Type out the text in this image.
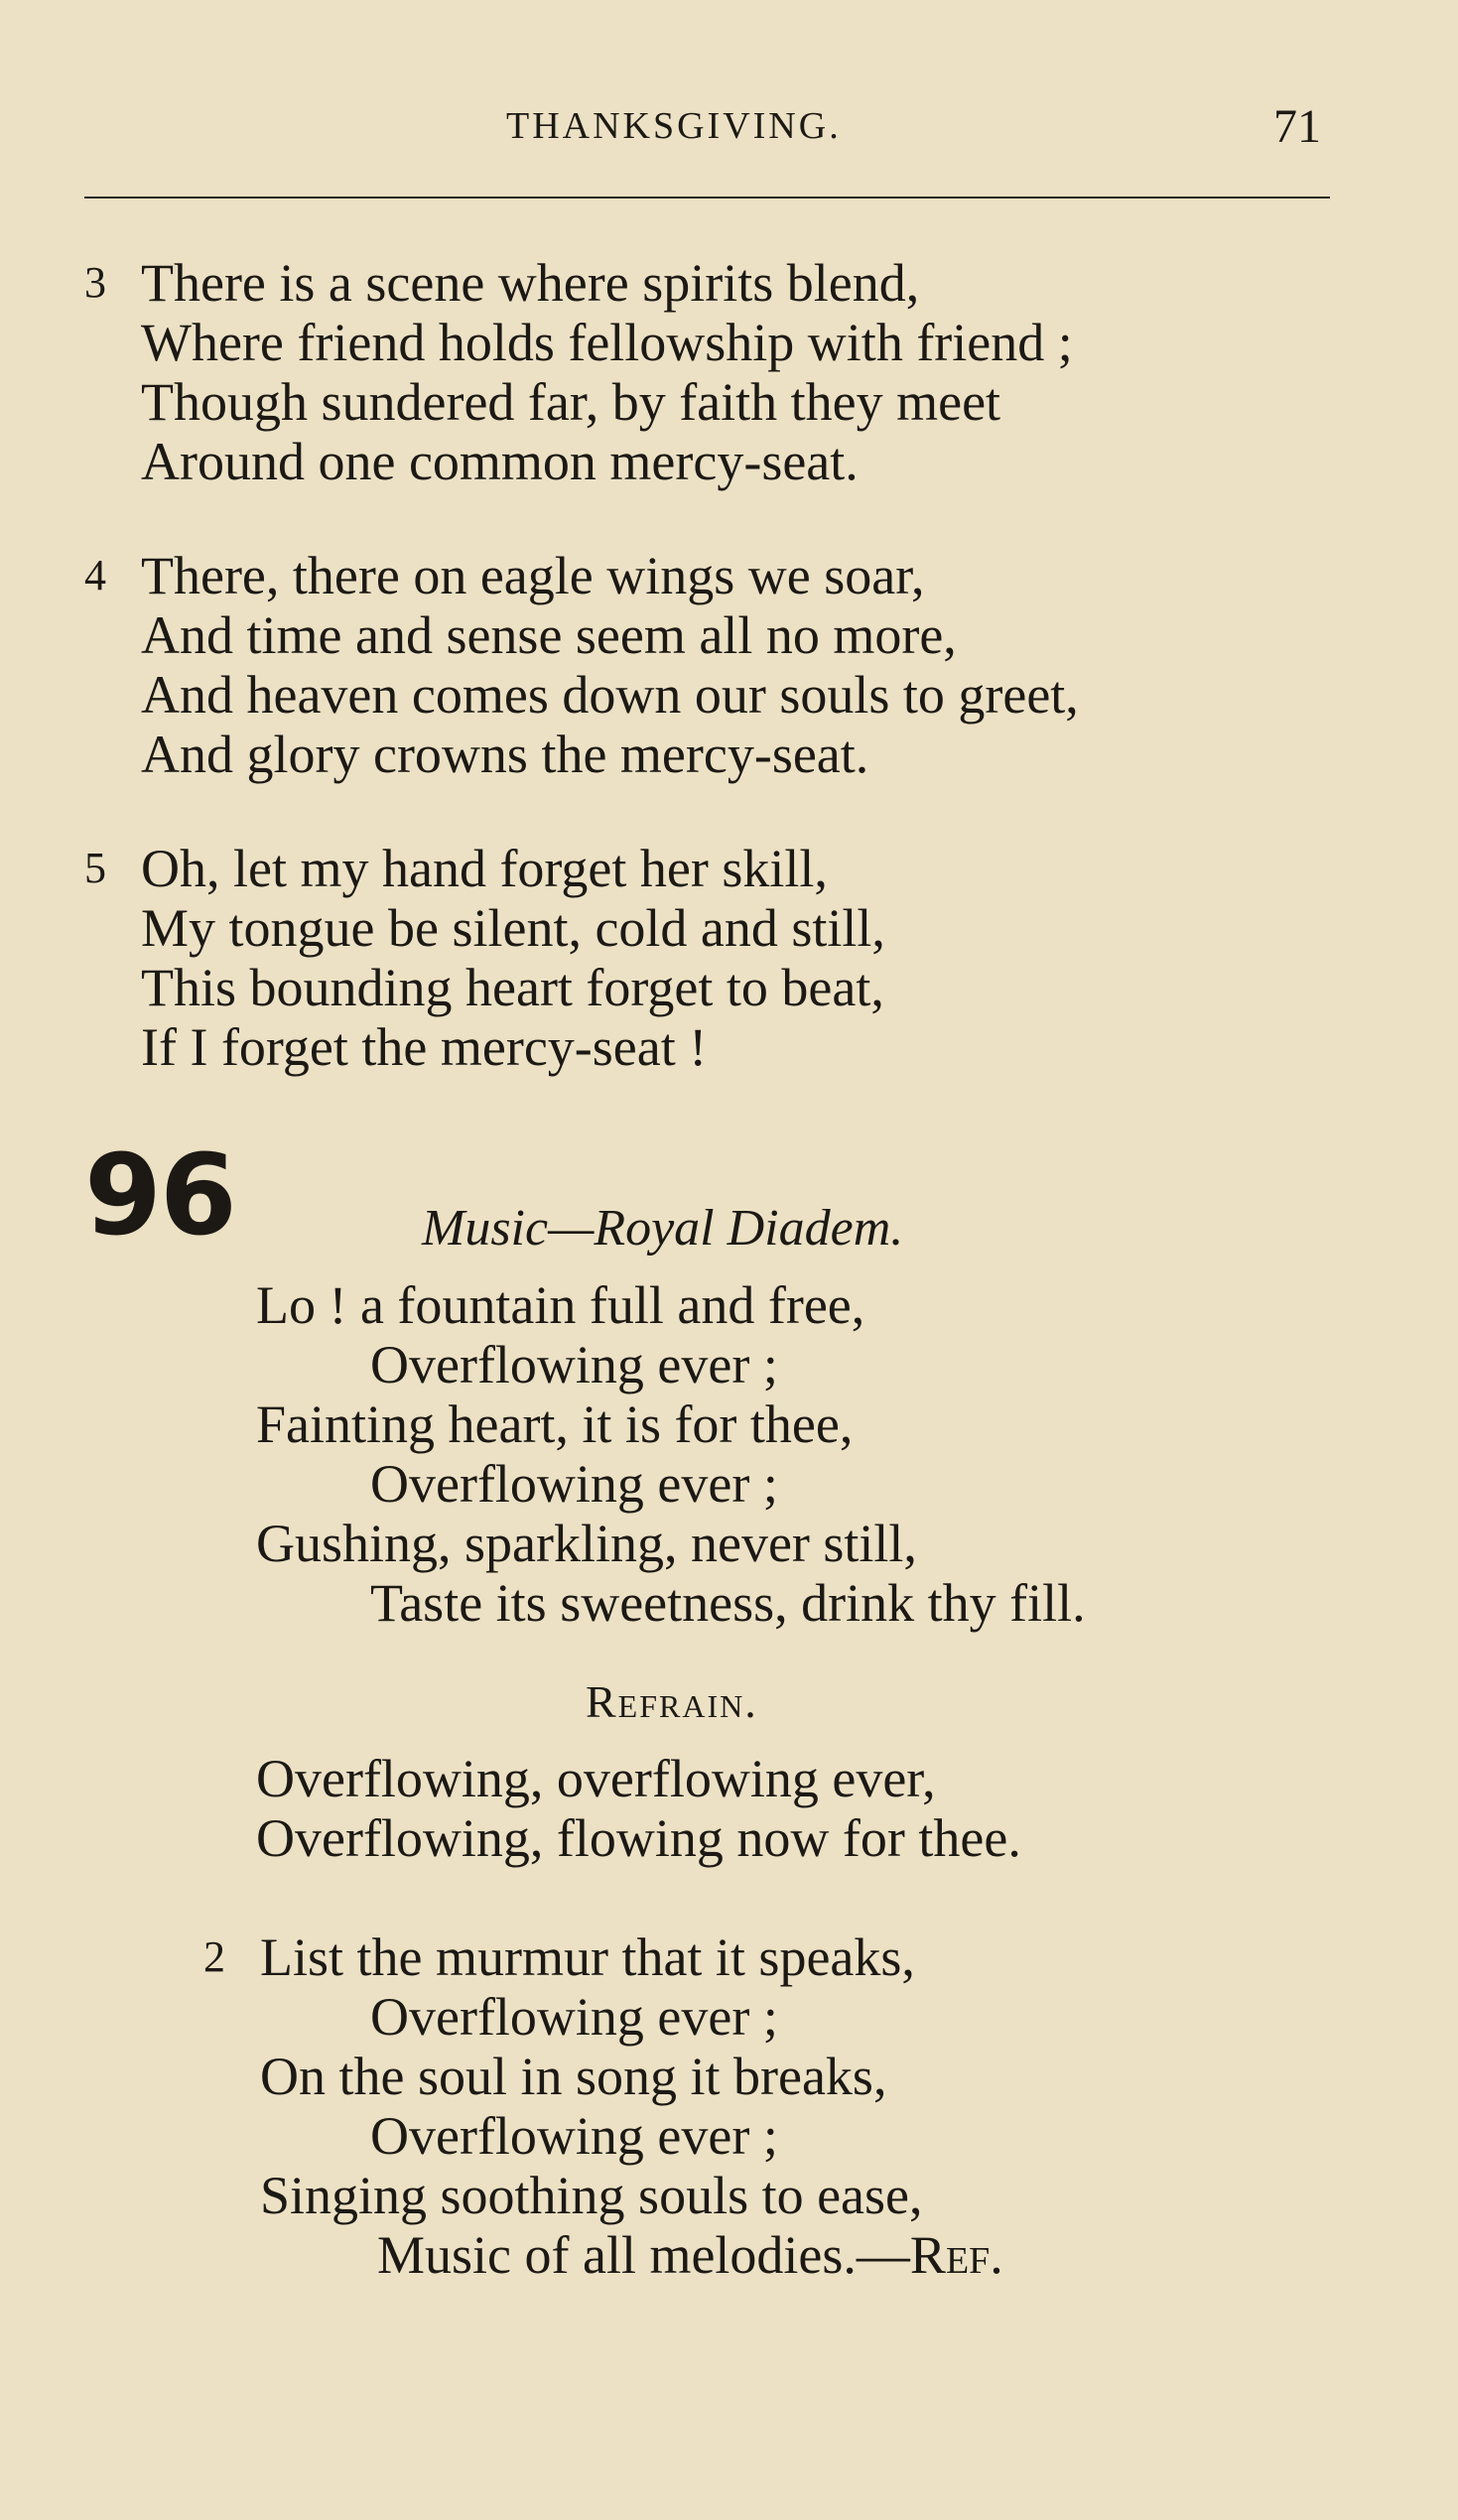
THANKSGIVING.	71
3 There is a scene where spirits blend,
Where friend holds fellowship with friend ;
Though sundered far, by faith they meet
Around one common mercy-seat.
4 There, there on eagle wings we soar,
And time and sense seem all no more,
And heaven comes down our souls to greet,
And glory crowns the mercy-seat.
5 Oh, let my hand forget her skill,
My tongue be silent, cold and still,
This bounding heart forget to beat,
If I forget the mercy-seat !
96	Music—Royal Diadem.
Lo ! a fountain full and free,
Overflowing ever ;
Fainting heart, it is for thee,
Overflowing ever ;
Gushing, sparkling, never still,
Taste its sweetness, drink thy fill.
Refrain.
Overflowing, overflowing ever,
Overflowing, flowing now for thee.
2 List the murmur that it speaks,
Overflowing ever ;
On the soul in song it breaks,
Overflowing ever ;
Singing soothing souls to ease,
Music of all melodies.—Ref.
